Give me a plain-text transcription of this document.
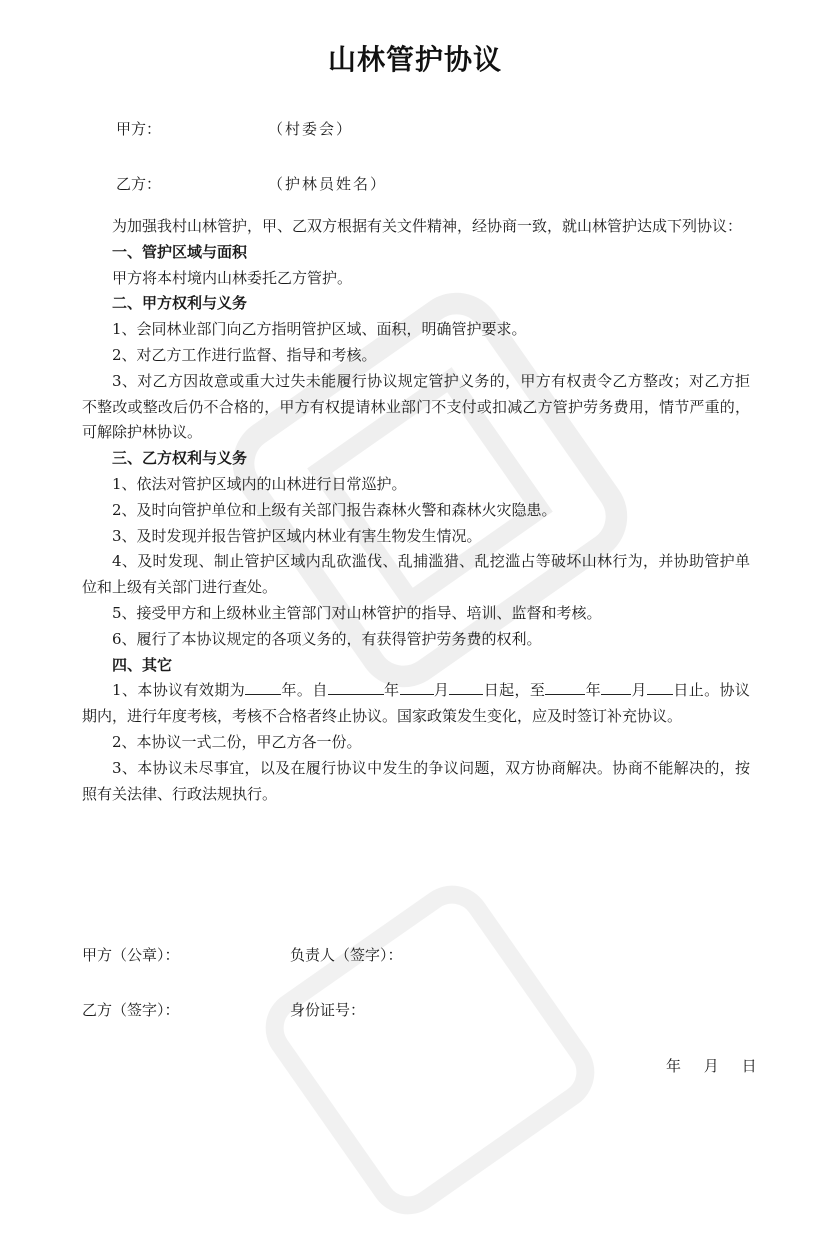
山林管护协议
甲方：	（村委会）
乙方：	（护林员姓名）

为加强我村山林管护，甲、乙双方根据有关文件精神，经协商一致，就山林管护达成下列协议：

一、管护区域与面积

甲方将本村境内山林委托乙方管护。

二、甲方权利与义务

1、会同林业部门向乙方指明管护区域、面积，明确管护要求。

2、对乙方工作进行监督、指导和考核。

3、对乙方因故意或重大过失未能履行协议规定管护义务的，甲方有权责令乙方整改；对乙方拒不整改或整改后仍不合格的，甲方有权提请林业部门不支付或扣减乙方管护劳务费用，情节严重的，可解除护林协议。

三、乙方权利与义务

1、依法对管护区域内的山林进行日常巡护。

2、及时向管护单位和上级有关部门报告森林火警和森林火灾隐患。

3、及时发现并报告管护区域内林业有害生物发生情况。

4、及时发现、制止管护区域内乱砍滥伐、乱捕滥猎、乱挖滥占等破坏山林行为，并协助管护单位和上级有关部门进行查处。

5、接受甲方和上级林业主管部门对山林管护的指导、培训、监督和考核。

6、履行了本协议规定的各项义务的，有获得管护劳务费的权利。

四、其它

1、本协议有效期为 年。自	年 月 日起，至	年 月 日止。协议期内，进行年度考核，考核不合格者终止协议。国家政策发生变化，应及时签订补充协议。

2、本协议一式二份，甲乙方各一份。

3、本协议未尽事宜，以及在履行协议中发生的争议问题，双方协商解决。协商不能解决的，按照有关法律、行政法规执行。

甲方（公章）：	负责人（签字）：
乙方（签字）：	身份证号：
年 月 日
